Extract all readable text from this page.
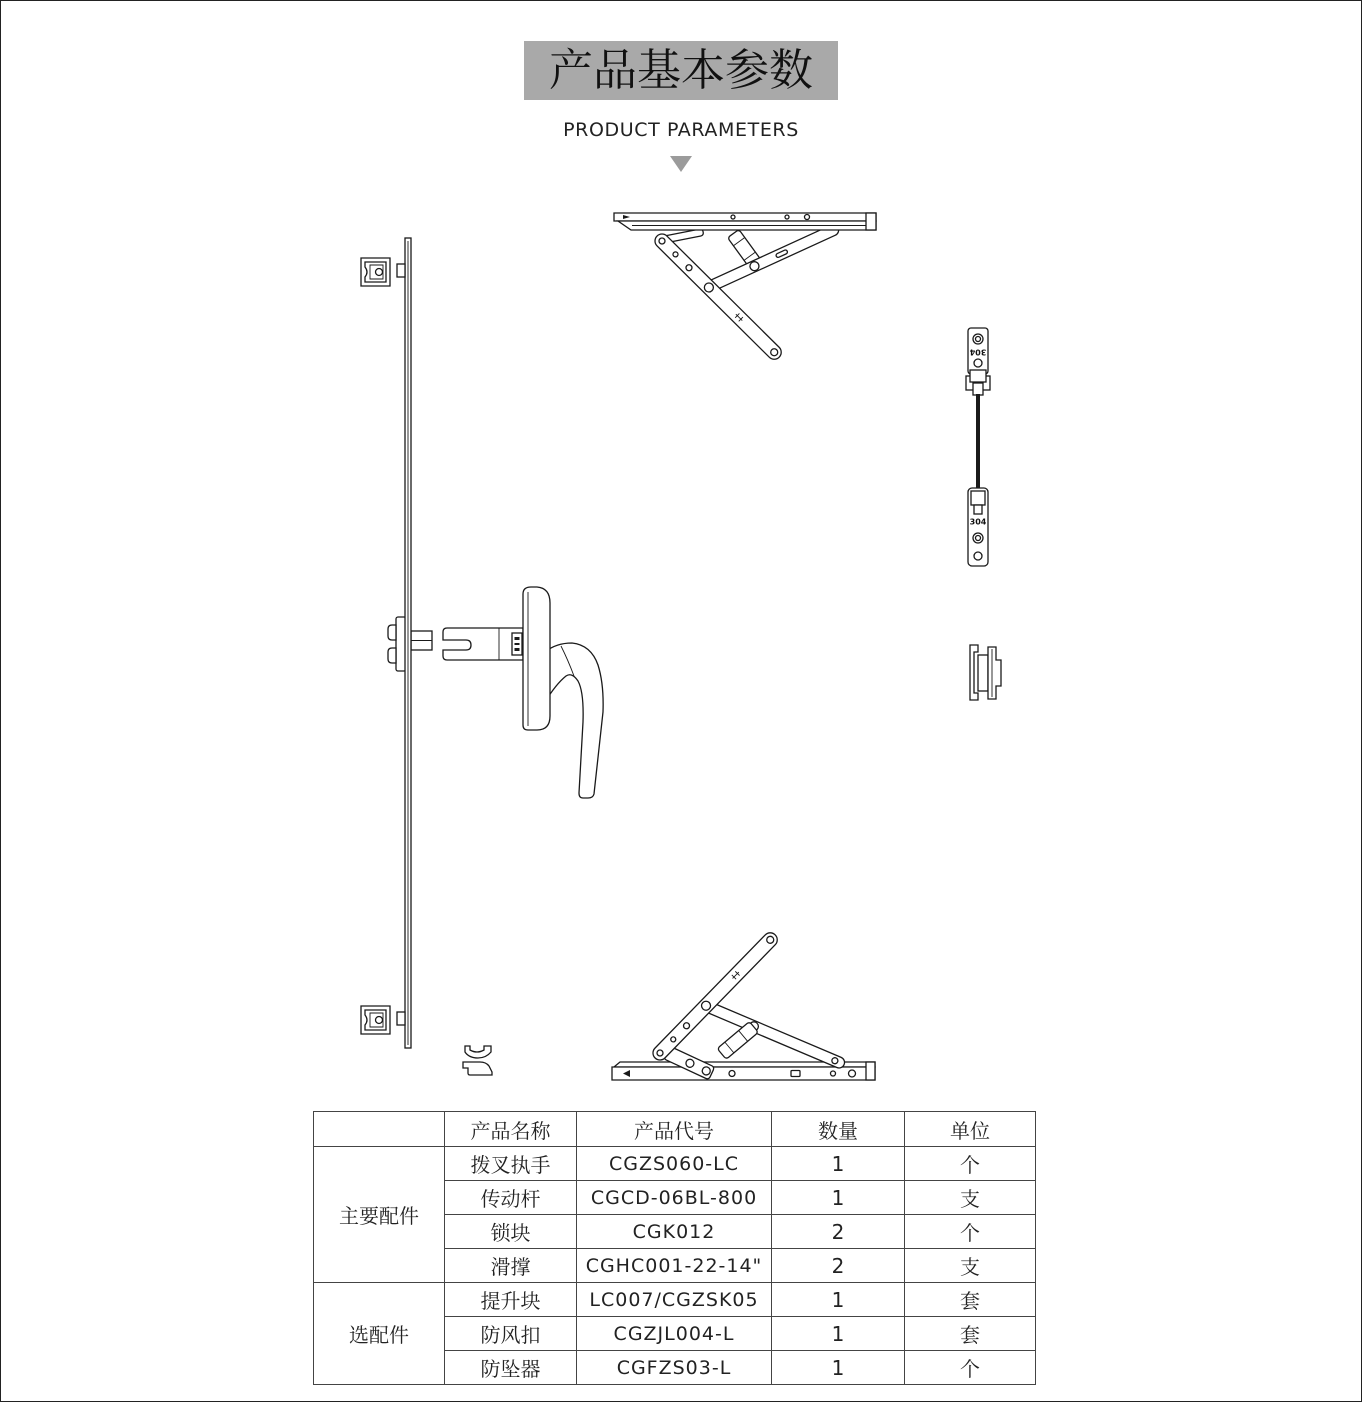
产品基本参数
PRODUCT PARAMETERS
304
304
	产品名称	产品代号	数量	单位
主要配件	拨叉执手	CGZS060-LC	1	个
	传动杆	CGCD-06BL-800	1	支
	锁块	CGK012	2	个
	滑撑	CGHC001-22-14"	2	支
选配件	提升块	LC007/CGZSK05	1	套
	防风扣	CGZJL004-L	1	套
	防坠器	CGFZS03-L	1	个
